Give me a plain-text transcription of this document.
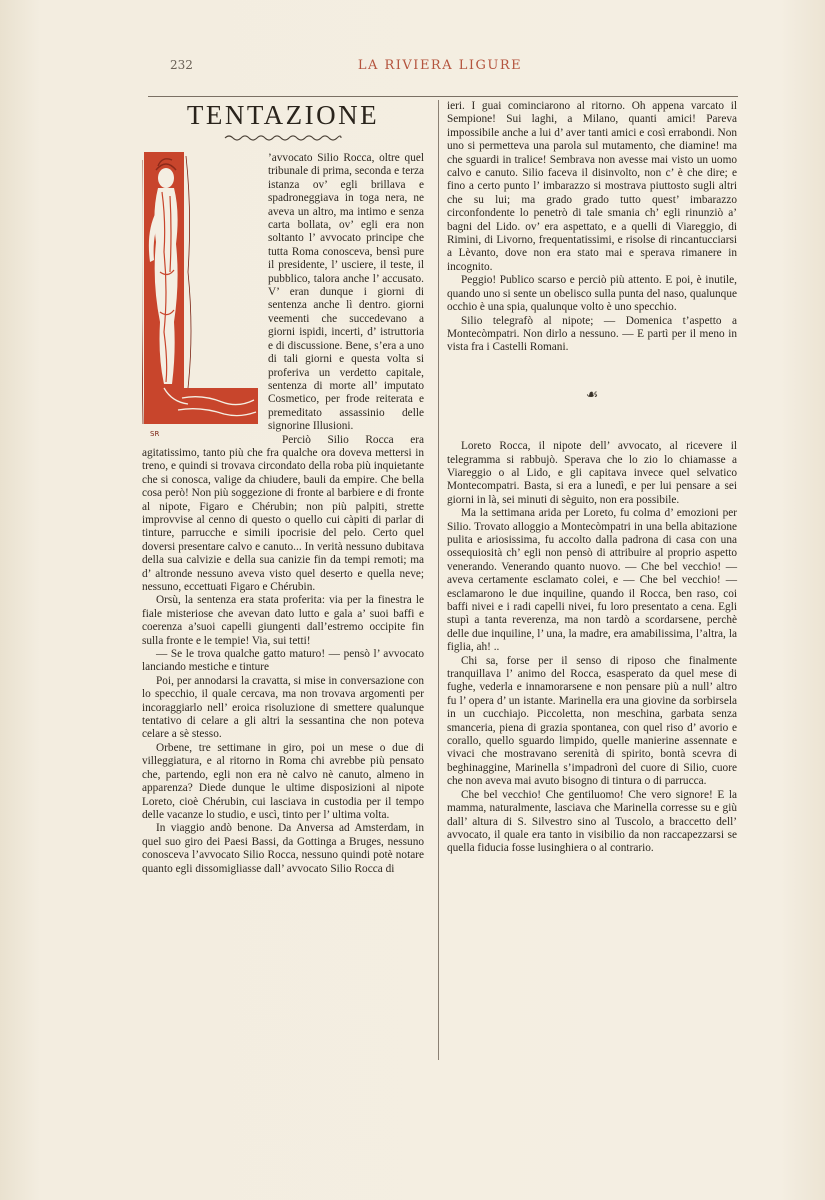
232	LA RIVIERA LIGURE
TENTAZIONE
SR

’avvocato Silio Rocca, oltre quel tribunale di prima, seconda e terza istanza ov’ egli brillava e spadroneggiava in toga nera, ne aveva un altro, ma intimo e senza carta bollata, ov’ egli era non soltanto l’ avvocato principe che tutta Roma conosceva, bensì pure il presidente, l’ usciere, il teste, il pubblico, talora anche l’ accusato. V’ eran dunque i giorni di sentenza anche lì dentro. giorni veementi che succedevano a giorni ispidi, incerti, d’ istruttoria e di discussione. Bene, s’era a uno di tali giorni e questa volta si proferiva un verdetto capitale, sentenza di morte all’ imputato Cosmetico, per frode reiterata e premeditato assassinio delle signorine Illusioni.

Perciò Silio Rocca era agitatissimo, tanto più che fra qualche ora doveva mettersi in treno, e quindi si trovava circondato della roba più inquietante che si conosca, valige da chiudere, bauli da empire. Che bella cosa però! Non più soggezione di fronte al barbiere e di fronte al nipote, Figaro e Chérubin; non più palpiti, strette improvvise al cenno di questo o quello cui càpiti di parlar di tinture, parrucche e simili ipocrisie del pelo. Certo quel doversi presentare calvo e canuto... In verità nessuno dubitava della sua calvizie e della sua canizie fin da tempi remoti; ma d’ altronde nessuno aveva visto quel deserto e quella neve; nessuno, eccettuati Figaro e Chérubin.

Orsù, la sentenza era stata proferita: via per la finestra le fiale misteriose che avevan dato lutto e gala a’ suoi baffi e coerenza a’suoi capelli giungenti dall’estremo occipite fin sulla fronte e le tempie! Via, sui tetti!

— Se le trova qualche gatto maturo! — pensò l’ avvocato lanciando mestiche e tinture

Poi, per annodarsi la cravatta, si mise in conversazione con lo specchio, il quale cercava, ma non trovava argomenti per incoraggiarlo nell’ eroica risoluzione di smettere qualunque tentativo di celare a gli altri la sessantina che non poteva celare a sè stesso.

Orbene, tre settimane in giro, poi un mese o due di villeggiatura, e al ritorno in Roma chi avrebbe più pensato che, partendo, egli non era nè calvo nè canuto, almeno in apparenza? Diede dunque le ultime disposizioni al nipote Loreto, cioè Chérubin, cui lasciava in custodia per il tempo delle vacanze lo studio, e uscì, tinto per l’ ultima volta.

In viaggio andò benone. Da Anversa ad Amsterdam, in quel suo giro dei Paesi Bassi, da Gottinga a Bruges, nessuno conosceva l’avvocato Silio Rocca, nessuno quindi potè notare quanto egli dissomigliasse dall’ avvocato Silio Rocca di

ieri. I guai cominciarono al ritorno. Oh appena varcato il Sempione! Sui laghi, a Milano, quanti amici! Pareva impossibile anche a lui d’ aver tanti amici e così errabondi. Non uno si permetteva una parola sul mutamento, che diamine! ma che sguardi in tralice! Sembrava non avesse mai visto un uomo calvo e canuto. Silio faceva il disinvolto, non c’ è che dire; e fino a certo punto l’ imbarazzo si mostrava piuttosto sugli altri che su lui; ma grado grado tutto quest’ imbarazzo circonfondente lo penetrò di tale smania ch’ egli rinunziò a’ bagni del Lido. ov’ era aspettato, e a quelli di Viareggio, di Rimini, di Livorno, frequentatissimi, e risolse di rincantucciarsi a Lèvanto, dove non era stato mai e sperava rimanere in incognito.

Peggio! Publico scarso e perciò più attento. E poi, è inutile, quando uno si sente un obelisco sulla punta del naso, qualunque occhio è una spia, qualunque volto è uno specchio.

Silio telegrafò al nipote; — Domenica t’aspetto a Montecòmpatri. Non dirlo a nessuno. — E partì per il meno in vista fra i Castelli Romani.

☙

Loreto Rocca, il nipote dell’ avvocato, al ricevere il telegramma si rabbujò. Sperava che lo zio lo chiamasse a Viareggio o al Lido, e gli capitava invece quel selvatico Montecompatri. Basta, si era a lunedì, e per lui pensare a sei giorni in là, sei minuti di sèguito, non era possibile.

Ma la settimana arida per Loreto, fu colma d’ emozioni per Silio. Trovato alloggio a Montecòmpatri in una bella abitazione pulita e ariosissima, fu accolto dalla padrona di casa con una ossequiosità ch’ egli non pensò di attribuire al proprio aspetto venerando. Venerando quanto nuovo. — Che bel vecchio! — aveva certamente esclamato colei, e — Che bel vecchio! — esclamarono le due inquiline, quando il Rocca, ben raso, coi baffi nivei e i radi capelli nivei, fu loro presentato a cena. Egli stupì a tanta reverenza, ma non tardò a scordarsene, perchè delle due inquiline, l’ una, la madre, era amabilissima, l’altra, la figlia, ah! ..

Chi sa, forse per il senso di riposo che finalmente tranquillava l’ animo del Rocca, esasperato da quel mese di fughe, vederla e innamorarsene e non pensare più a null’ altro fu l’ opera d’ un istante. Marinella era una giovine da sorbirsela in un cucchiajo. Piccoletta, non meschina, garbata senza smanceria, piena di grazia spontanea, con quel riso d’ avorio e corallo, quello sguardo limpido, quelle manierine assennate e vivaci che mostravano serenità di spirito, bontà scevra di beghinaggine, Marinella s’impadronì del cuore di Silio, cuore che non aveva mai avuto bisogno di tintura o di parrucca.

Che bel vecchio! Che gentiluomo! Che vero signore! E la mamma, naturalmente, lasciava che Marinella corresse su e giù dall’ altura di S. Silvestro sino al Tuscolo, a braccetto dell’ avvocato, il quale era tanto in visibilio da non raccapezzarsi se quella fiducia fosse lusinghiera o al contrario.
